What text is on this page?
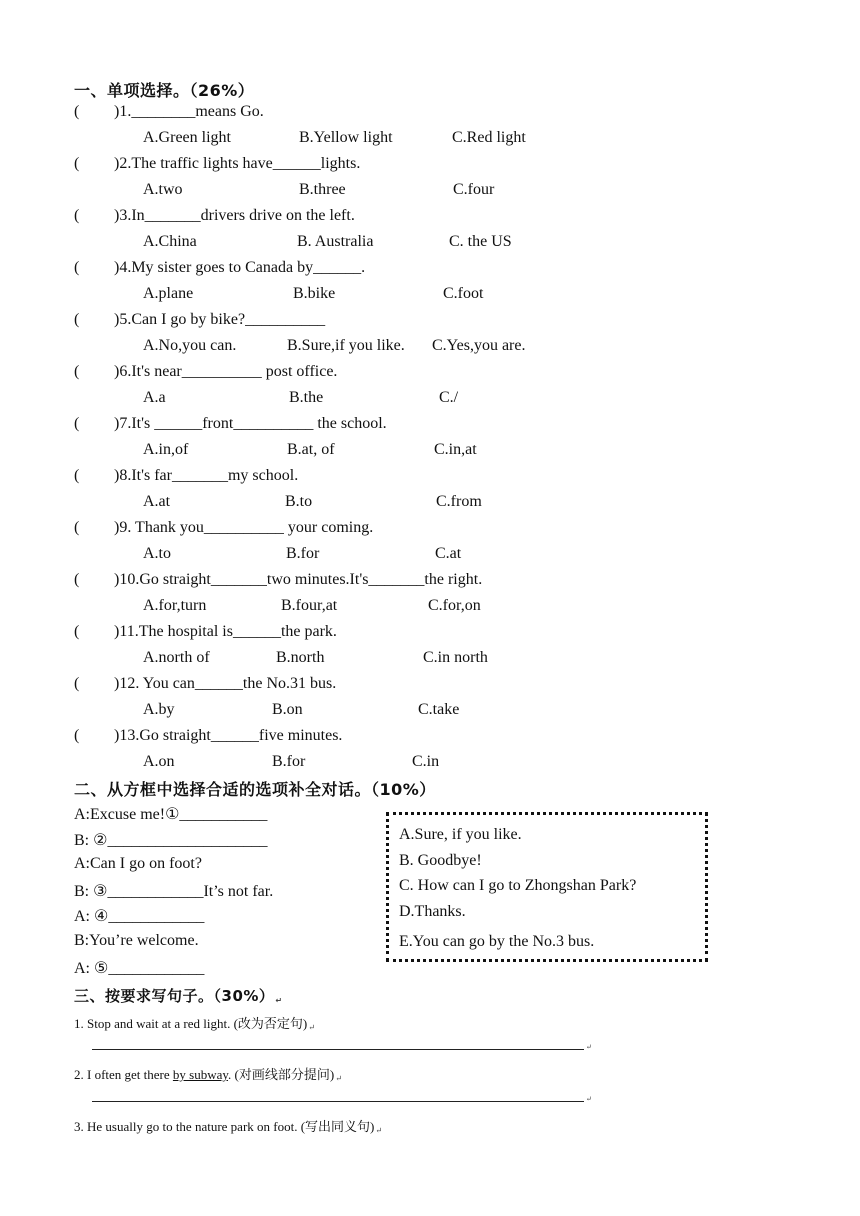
一、单项选择。（26%）
( )1.________means Go.
A.Green light	B.Yellow light	C.Red light
( )2.The traffic lights have______lights.
A.two	B.three	C.four
( )3.In_______drivers drive on the left.
A.China	B. Australia	C. the US
( )4.My sister goes to Canada by______.
A.plane	B.bike	C.foot
( )5.Can I go by bike?__________
A.No,you can.	B.Sure,if you like. C.Yes,you are.
( )6.It's near__________ post office.
A.a	B.the	C./
( )7.It's ______front__________ the school.
A.in,of	B.at, of	C.in,at
( )8.It's far_______my school.
A.at	B.to	C.from
( )9. Thank you__________ your coming.
A.to	B.for	C.at
( )10.Go straight_______two minutes.It's_______the right.
A.for,turn	B.four,at	C.for,on
( )11.The hospital is______the park.
A.north of	B.north	C.in north
( )12. You can______the No.31 bus.
A.by	B.on	C.take
( )13.Go straight______five minutes.
A.on	B.for	C.in
二、从方框中选择合适的选项补全对话。（10%）
A:Excuse me!①___________
B: ②____________________
A:Can I go on foot?
B: ③____________It’s not far.
A: ④____________
B:You’re welcome.
A: ⑤____________
A.Sure, if you like.
B. Goodbye!
C. How can I go to Zhongshan Park?
D.Thanks.
E.You can go by the No.3 bus.
三、按要求写句子。（30%）↵
1. Stop and wait at a red light. (改为否定句)↵
↵
2. I often get there by subway. (对画线部分提问)↵
↵
3. He usually go to the nature park on foot. (写出同义句)↵
